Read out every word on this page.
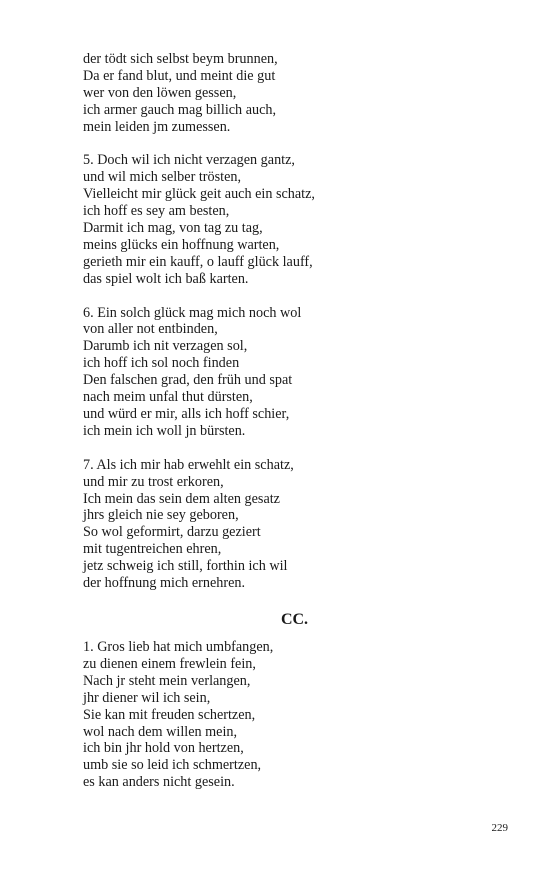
der tödt sich selbst beym brunnen,
Da er fand blut, und meint die gut
wer von den löwen gessen,
ich armer gauch mag billich auch,
mein leiden jm zumessen.

5. Doch wil ich nicht verzagen gantz,
und wil mich selber trösten,
Vielleicht mir glück geit auch ein schatz,
ich hoff es sey am besten,
Darmit ich mag, von tag zu tag,
meins glücks ein hoffnung warten,
gerieth mir ein kauff, o lauff glück lauff,
das spiel wolt ich baß karten.

6. Ein solch glück mag mich noch wol
von aller not entbinden,
Darumb ich nit verzagen sol,
ich hoff ich sol noch finden
Den falschen grad, den früh und spat
nach meim unfal thut dürsten,
und würd er mir, alls ich hoff schier,
ich mein ich woll jn bürsten.

7. Als ich mir hab erwehlt ein schatz,
und mir zu trost erkoren,
Ich mein das sein dem alten gesatz
jhrs gleich nie sey geboren,
So wol geformirt, darzu geziert
mit tugentreichen ehren,
jetz schweig ich still, forthin ich wil
der hoffnung mich ernehren.

CC.

1. Gros lieb hat mich umbfangen,
zu dienen einem frewlein fein,
Nach jr steht mein verlangen,
jhr diener wil ich sein,
Sie kan mit freuden schertzen,
wol nach dem willen mein,
ich bin jhr hold von hertzen,
umb sie so leid ich schmertzen,
es kan anders nicht gesein.

229
